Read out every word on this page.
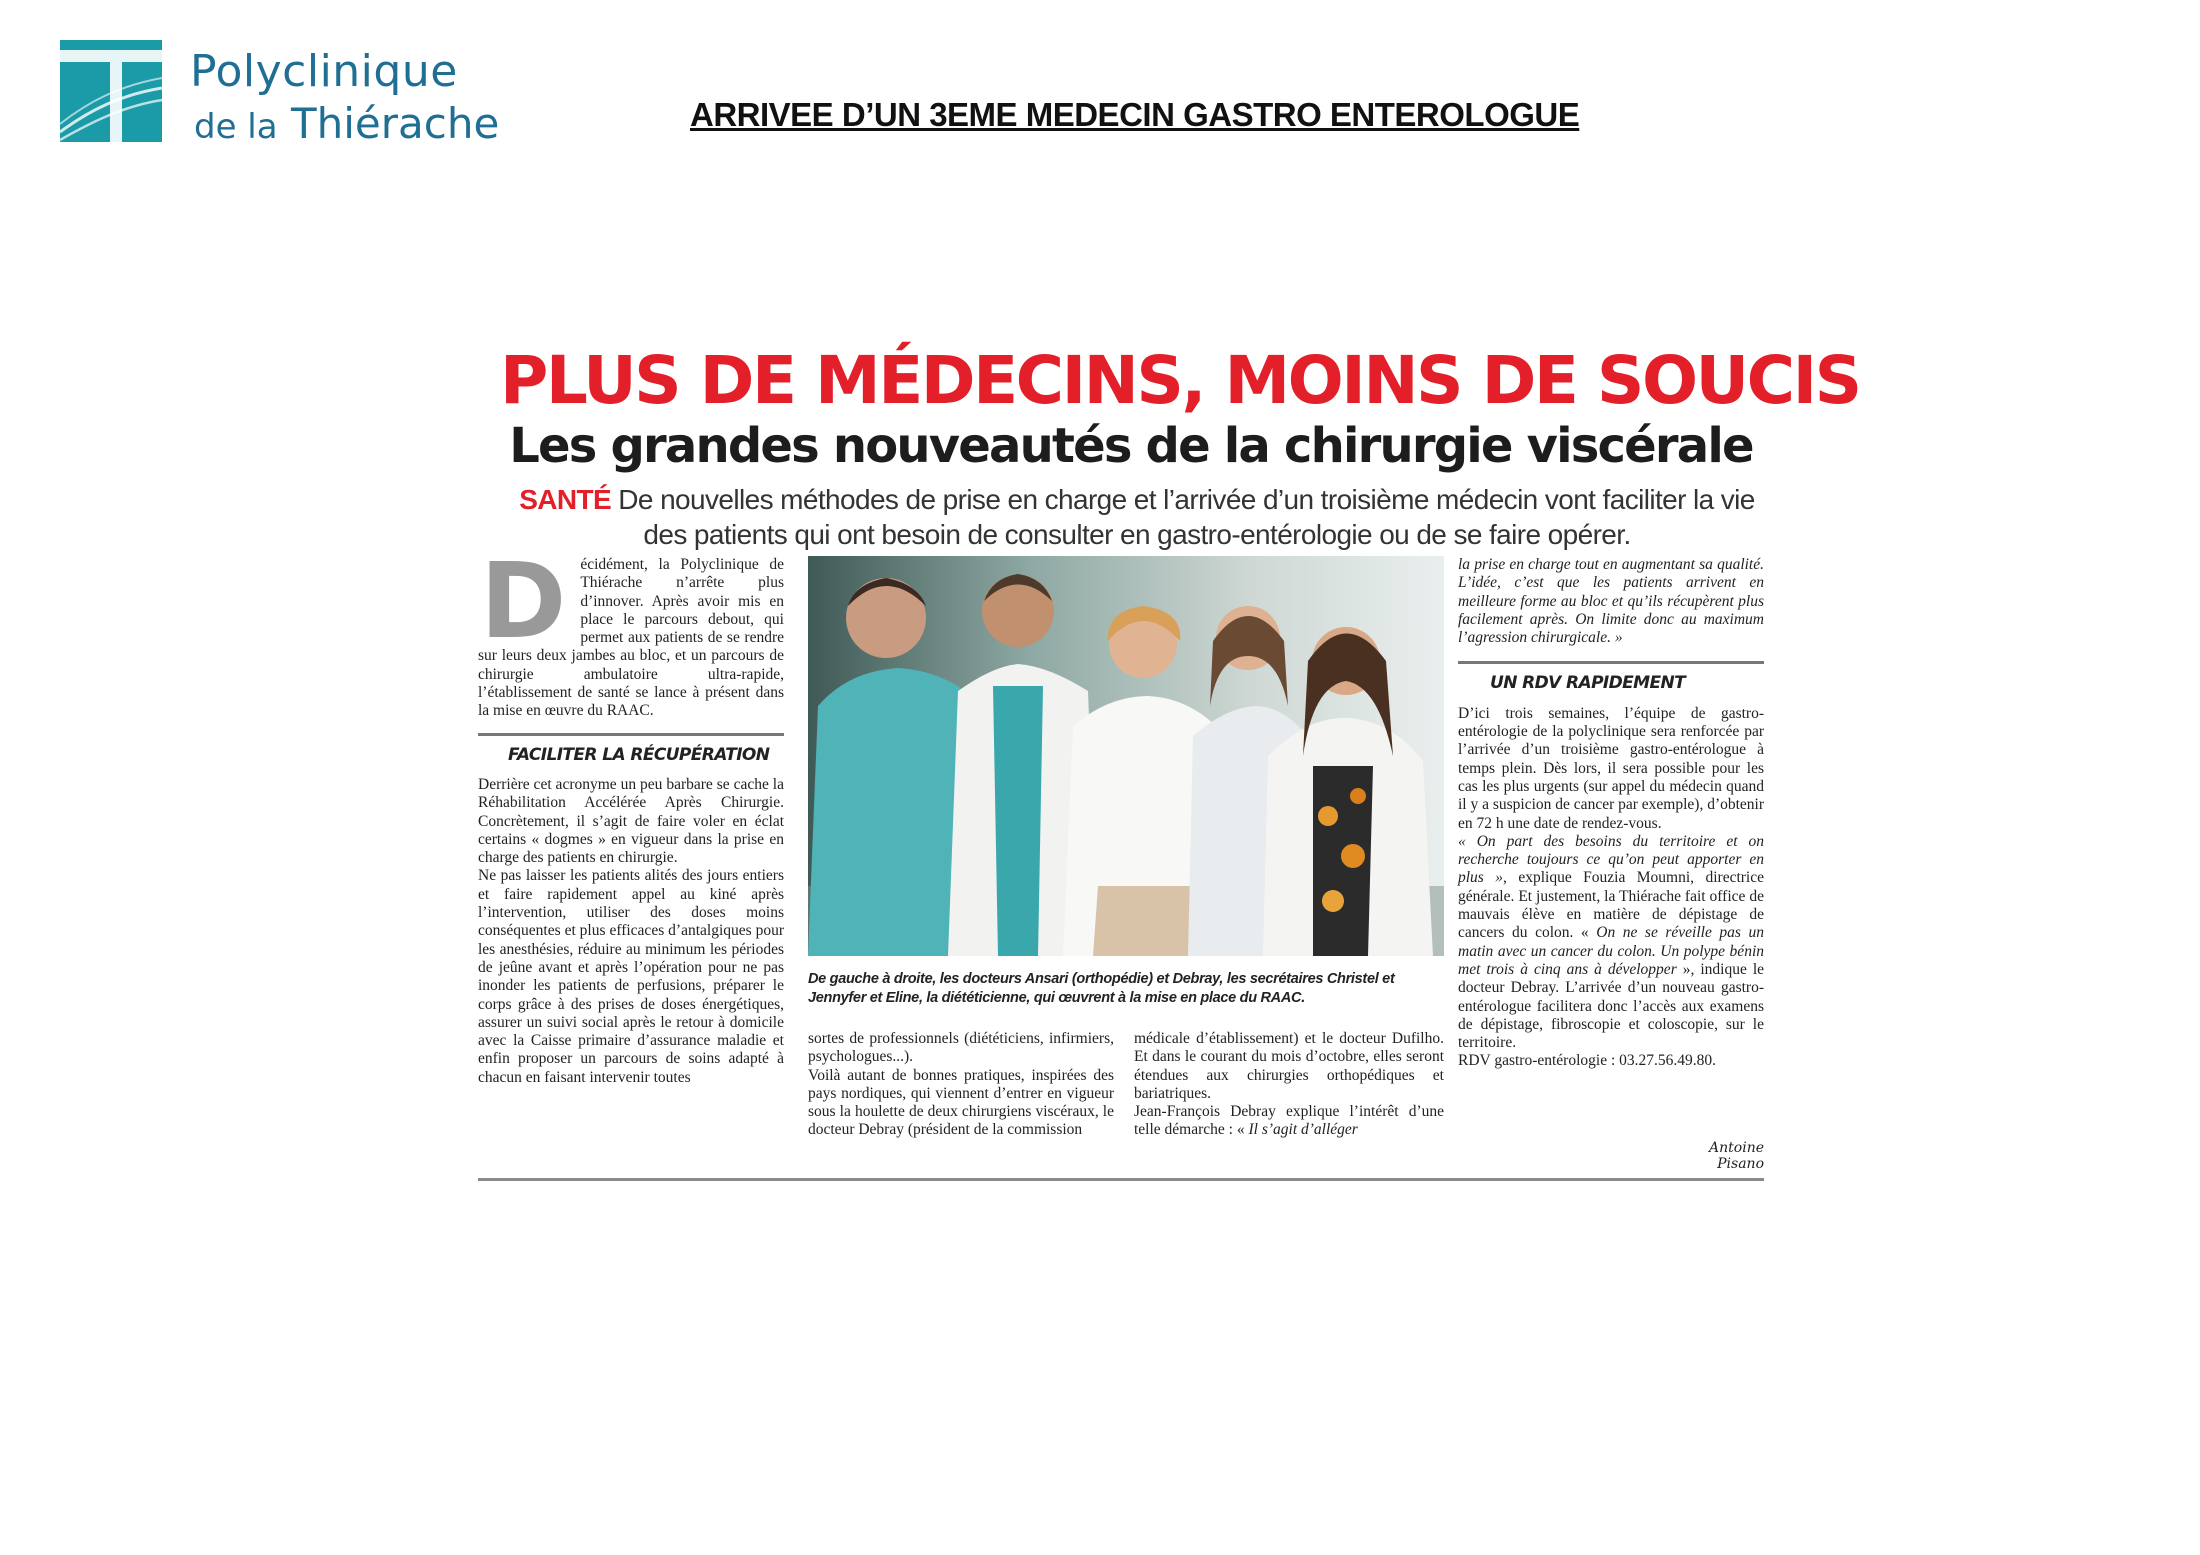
Polyclinique
de la Thiérache	ARRIVEE D’UN 3EME MEDECIN GASTRO ENTEROLOGUE
PLUS DE MÉDECINS, MOINS DE SOUCIS
Les grandes nouveautés de la chirurgie viscérale
SANTÉ De nouvelles méthodes de prise en charge et l’arrivée d’un troisième médecin vont faciliter la vie des patients qui ont besoin de consulter en gastro-entérologie ou de se faire opérer.
D écidément, la Polyclinique de Thiérache n’arrête plus d’innover. Après avoir mis en place le parcours debout, qui permet aux patients de se rendre sur leurs deux jambes au bloc, et un parcours de chirurgie ambulatoire ultra-rapide, l’établissement de santé se lance à présent dans la mise en œuvre du RAAC.

FACILITER LA RÉCUPÉRATION

Derrière cet acronyme un peu barbare se cache la Réhabilitation Accélérée Après Chirurgie. Concrètement, il s’agit de faire voler en éclat certains « dogmes » en vigueur dans la prise en charge des patients en chirurgie.

Ne pas laisser les patients alités des jours entiers et faire rapidement appel au kiné après l’intervention, utiliser des doses moins conséquentes et plus efficaces d’antalgiques pour les anesthésies, réduire au minimum les périodes de jeûne avant et après l’opération pour ne pas inonder les patients de perfusions, préparer le corps grâce à des prises de doses énergétiques, assurer un suivi social après le retour à domicile avec la Caisse primaire d’assurance maladie et enfin proposer un parcours de soins adapté à chacun en faisant intervenir toutes

De gauche à droite, les docteurs Ansari (orthopédie) et Debray, les secrétaires Christel et Jennyfer et Eline, la diététicienne, qui œuvrent à la mise en place du RAAC.

sortes de professionnels (diététiciens, infirmiers, psychologues...).

Voilà autant de bonnes pratiques, inspirées des pays nordiques, qui viennent d’entrer en vigueur sous la houlette de deux chirurgiens viscéraux, le docteur Debray (président de la commission

médicale d’établissement) et le docteur Dufilho. Et dans le courant du mois d’octobre, elles seront étendues aux chirurgies orthopédiques et bariatriques.

Jean-François Debray explique l’intérêt d’une telle démarche : « Il s’agit d’alléger

la prise en charge tout en augmentant sa qualité. L’idée, c’est que les patients arrivent en meilleure forme au bloc et qu’ils récupèrent plus facilement après. On limite donc au maximum l’agression chirurgicale. »

UN RDV RAPIDEMENT

D’ici trois semaines, l’équipe de gastro-entérologie de la polyclinique sera renforcée par l’arrivée d’un troisième gastro-entérologue à temps plein. Dès lors, il sera possible pour les cas les plus urgents (sur appel du médecin quand il y a suspicion de cancer par exemple), d’obtenir en 72 h une date de rendez-vous.

« On part des besoins du territoire et on recherche toujours ce qu’on peut apporter en plus », explique Fouzia Moumni, directrice générale. Et justement, la Thiérache fait office de mauvais élève en matière de dépistage de cancers du colon. « On ne se réveille pas un matin avec un cancer du colon. Un polype bénin met trois à cinq ans à développer », indique le docteur Debray. L’arrivée d’un nouveau gastro-entérologue facilitera donc l’accès aux examens de dépistage, fibroscopie et coloscopie, sur le territoire.

RDV gastro-entérologie : 03.27.56.49.80.

Antoine Pisano
